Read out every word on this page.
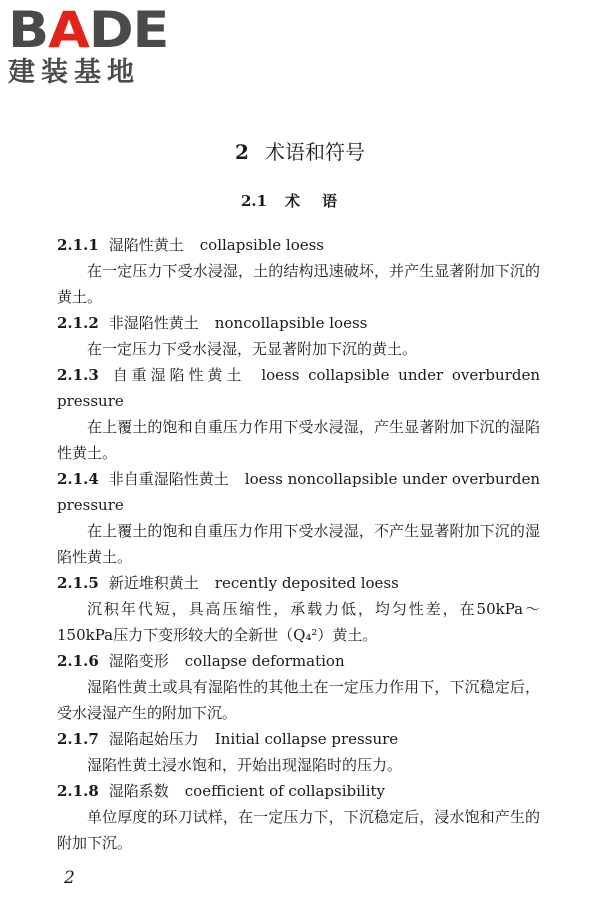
BADE
建装基地
2 术语和符号
2.1 术语

2.1.1 湿陷性黄土 collapsible loess

在一定压力下受水浸湿，土的结构迅速破坏，并产生显著附加下沉的黄土。

2.1.2 非湿陷性黄土 noncollapsible loess

在一定压力下受水浸湿，无显著附加下沉的黄土。

2.1.3 自重湿陷性黄土 loess collapsible under overburden pressure

在上覆土的饱和自重压力作用下受水浸湿，产生显著附加下沉的湿陷性黄土。

2.1.4 非自重湿陷性黄土 loess noncollapsible under overburden pressure

在上覆土的饱和自重压力作用下受水浸湿，不产生显著附加下沉的湿陷性黄土。

2.1.5 新近堆积黄土 recently deposited loess

沉积年代短，具高压缩性，承载力低，均匀性差，在50kPa～150kPa压力下变形较大的全新世（Q₄²）黄土。

2.1.6 湿陷变形 collapse deformation

湿陷性黄土或具有湿陷性的其他土在一定压力作用下，下沉稳定后，受水浸湿产生的附加下沉。

2.1.7 湿陷起始压力 Initial collapse pressure

湿陷性黄土浸水饱和，开始出现湿陷时的压力。

2.1.8 湿陷系数 coefficient of collapsibility

单位厚度的环刀试样，在一定压力下，下沉稳定后，浸水饱和产生的附加下沉。

2
